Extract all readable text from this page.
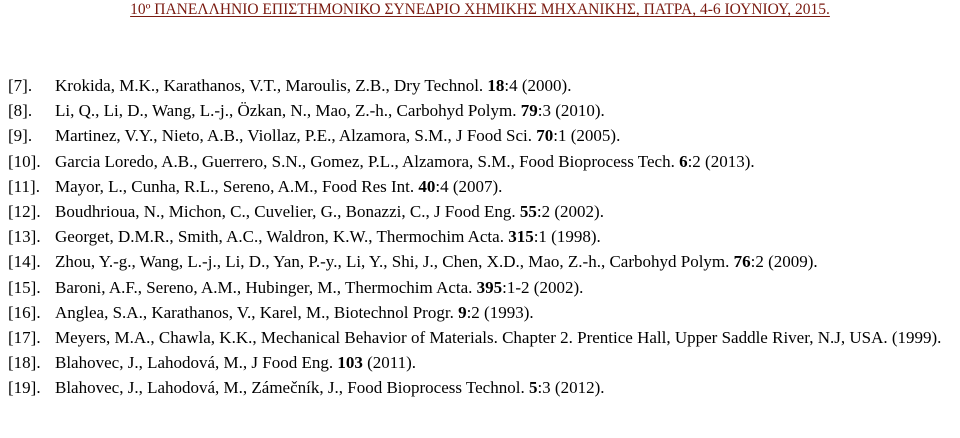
10º ΠΑΝΕΛΛΗΝΙΟ ΕΠΙΣΤΗΜΟΝΙΚΟ ΣΥΝΕΔΡΙΟ ΧΗΜΙΚΗΣ ΜΗΧΑΝΙΚΗΣ, ΠΑΤΡΑ, 4-6 ΙΟΥΝΙΟΥ, 2015.
[7].	Krokida, M.K., Karathanos, V.T., Maroulis, Z.B., Dry Technol. 18:4 (2000).
[8].	Li, Q., Li, D., Wang, L.-j., Özkan, N., Mao, Z.-h., Carbohyd Polym. 79:3 (2010).
[9].	Martinez, V.Y., Nieto, A.B., Viollaz, P.E., Alzamora, S.M., J Food Sci. 70:1 (2005).
[10]. Garcia Loredo, A.B., Guerrero, S.N., Gomez, P.L., Alzamora, S.M., Food Bioprocess Tech. 6:2 (2013).
[11]. Mayor, L., Cunha, R.L., Sereno, A.M., Food Res Int. 40:4 (2007).
[12]. Boudhrioua, N., Michon, C., Cuvelier, G., Bonazzi, C., J Food Eng. 55:2 (2002).
[13]. Georget, D.M.R., Smith, A.C., Waldron, K.W., Thermochim Acta. 315:1 (1998).
[14]. Zhou, Y.-g., Wang, L.-j., Li, D., Yan, P.-y., Li, Y., Shi, J., Chen, X.D., Mao, Z.-h., Carbohyd Polym. 76:2 (2009).
[15]. Baroni, A.F., Sereno, A.M., Hubinger, M., Thermochim Acta. 395:1-2 (2002).
[16]. Anglea, S.A., Karathanos, V., Karel, M., Biotechnol Progr. 9:2 (1993).
[17]. Meyers, M.A., Chawla, K.K., Mechanical Behavior of Materials. Chapter 2. Prentice Hall, Upper Saddle River, N.J, USA. (1999).
[18]. Blahovec, J., Lahodová, M., J Food Eng. 103 (2011).
[19]. Blahovec, J., Lahodová, M., Zámečník, J., Food Bioprocess Technol. 5:3 (2012).
